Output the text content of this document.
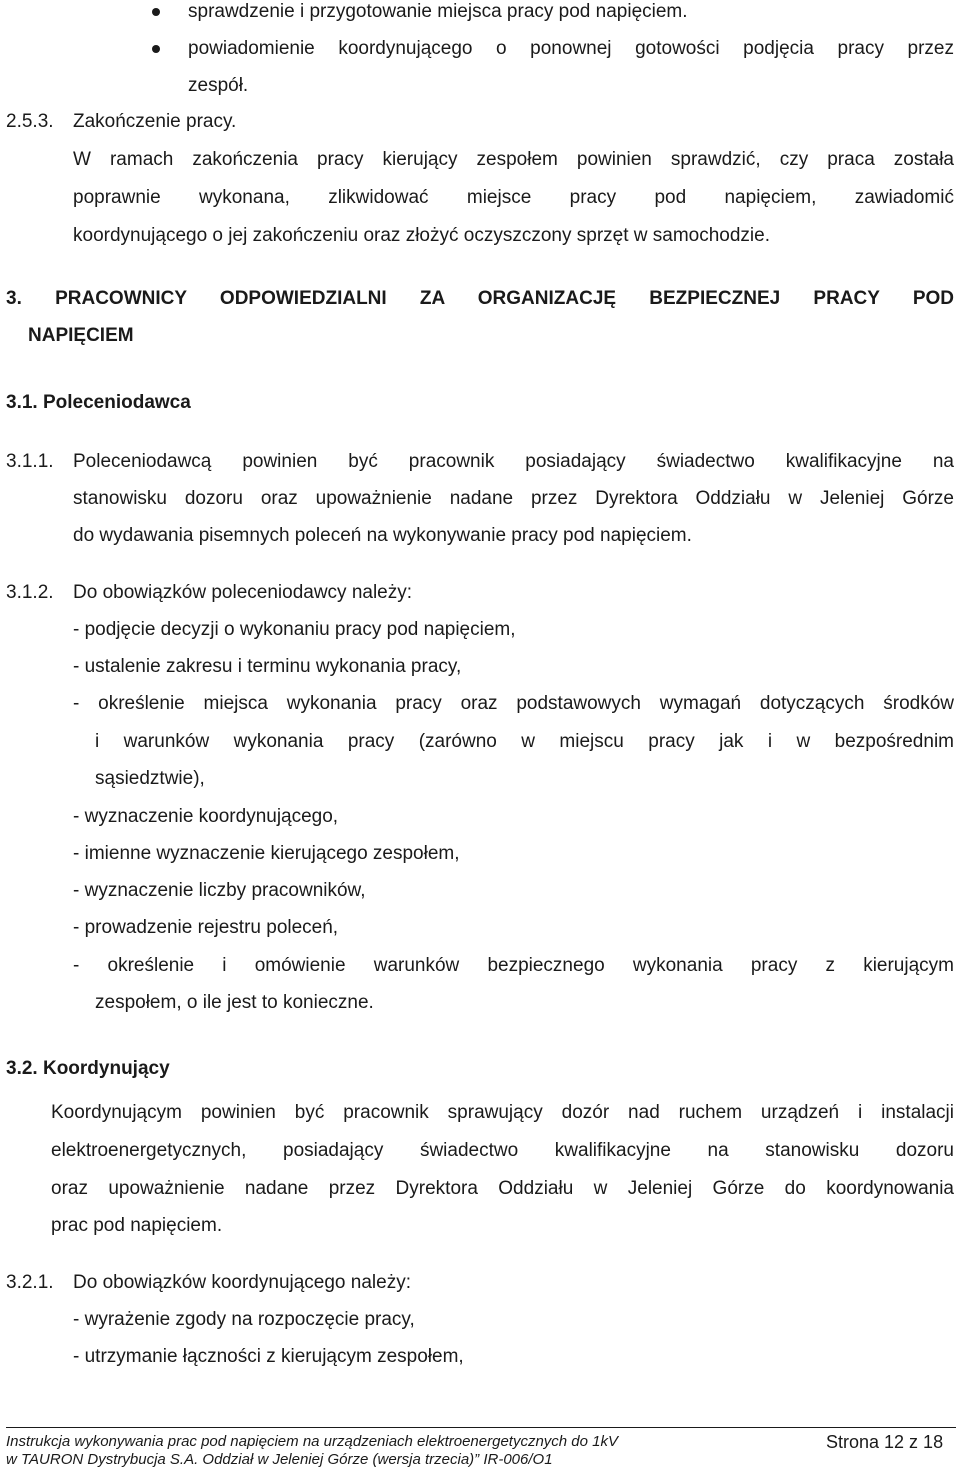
sprawdzenie i przygotowanie miejsca pracy pod napięciem.
powiadomienie koordynującego o ponownej gotowości podjęcia pracy przez
zespół.
2.5.3. Zakończenie pracy.
W ramach zakończenia pracy kierujący zespołem powinien sprawdzić, czy praca została
poprawnie wykonana, zlikwidować miejsce pracy pod napięciem, zawiadomić
koordynującego o jej zakończeniu oraz złożyć oczyszczony sprzęt w samochodzie.
3. PRACOWNICY ODPOWIEDZIALNI ZA ORGANIZACJĘ BEZPIECZNEJ PRACY POD
NAPIĘCIEM
3.1. Poleceniodawca
3.1.1. Poleceniodawcą powinien być pracownik posiadający świadectwo kwalifikacyjne na
stanowisku dozoru oraz upoważnienie nadane przez Dyrektora Oddziału w Jeleniej Górze
do wydawania pisemnych poleceń na wykonywanie pracy pod napięciem.
3.1.2. Do obowiązków poleceniodawcy należy:
- podjęcie decyzji o wykonaniu pracy pod napięciem,
- ustalenie zakresu i terminu wykonania pracy,
- określenie miejsca wykonania pracy oraz podstawowych wymagań dotyczących środków
i warunków wykonania pracy (zarówno w miejscu pracy jak i w bezpośrednim
sąsiedztwie),
- wyznaczenie koordynującego,
- imienne wyznaczenie kierującego zespołem,
- wyznaczenie liczby pracowników,
- prowadzenie rejestru poleceń,
- określenie i omówienie warunków bezpiecznego wykonania pracy z kierującym
zespołem, o ile jest to konieczne.
3.2. Koordynujący
Koordynującym powinien być pracownik sprawujący dozór nad ruchem urządzeń i instalacji
elektroenergetycznych, posiadający świadectwo kwalifikacyjne na stanowisku dozoru
oraz upoważnienie nadane przez Dyrektora Oddziału w Jeleniej Górze do koordynowania
prac pod napięciem.
3.2.1. Do obowiązków koordynującego należy:
- wyrażenie zgody na rozpoczęcie pracy,
- utrzymanie łączności z kierującym zespołem,
Instrukcja wykonywania prac pod napięciem na urządzeniach elektroenergetycznych do 1kV
w TAURON Dystrybucja S.A. Oddział w Jeleniej Górze (wersja trzecia)” IR-006/O1
Strona 12 z 18
